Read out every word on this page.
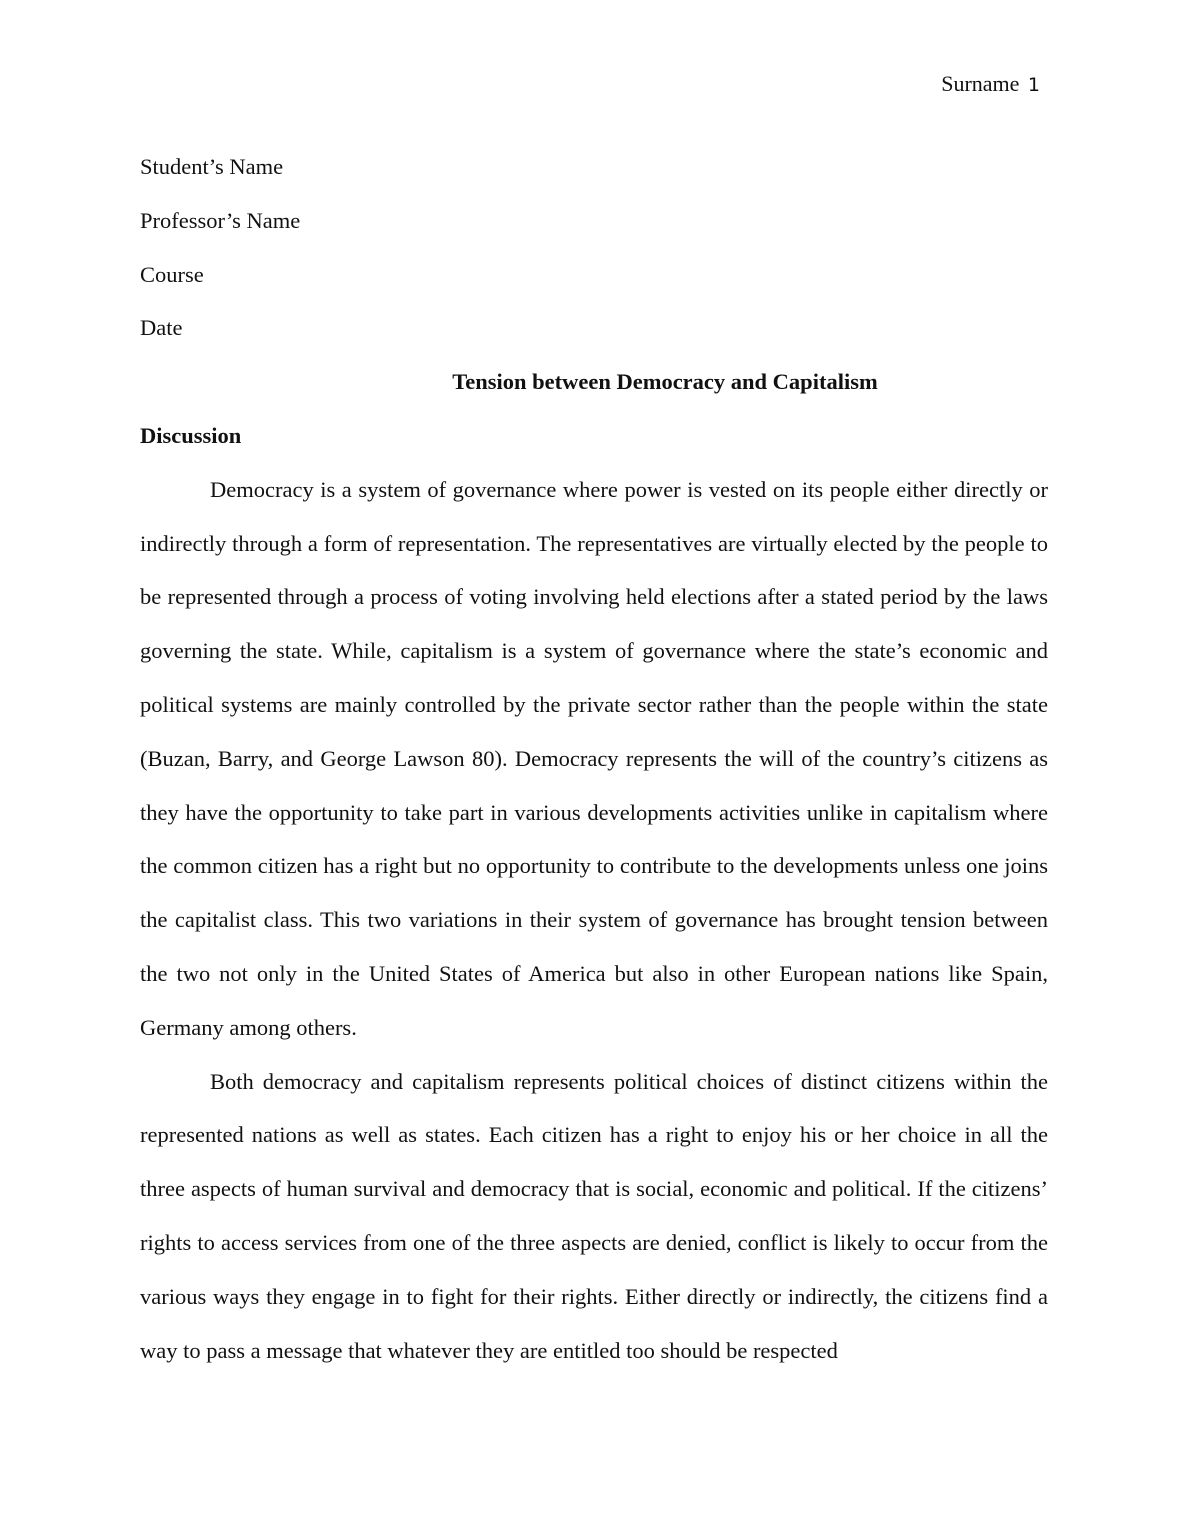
Surname 1

Student’s Name

Professor’s Name

Course

Date

Tension between Democracy and Capitalism

Discussion

Democracy is a system of governance where power is vested on its people either directly or indirectly through a form of representation. The representatives are virtually elected by the people to be represented through a process of voting involving held elections after a stated period by the laws governing the state. While, capitalism is a system of governance where the state’s economic and political systems are mainly controlled by the private sector rather than the people within the state (Buzan, Barry, and George Lawson 80). Democracy represents the will of the country’s citizens as they have the opportunity to take part in various developments activities unlike in capitalism where the common citizen has a right but no opportunity to contribute to the developments unless one joins the capitalist class. This two variations in their system of governance has brought tension between the two not only in the United States of America but also in other European nations like Spain, Germany among others.

Both democracy and capitalism represents political choices of distinct citizens within the represented nations as well as states. Each citizen has a right to enjoy his or her choice in all the three aspects of human survival and democracy that is social, economic and political. If the citizens’ rights to access services from one of the three aspects are denied, conflict is likely to occur from the various ways they engage in to fight for their rights. Either directly or indirectly, the citizens find a way to pass a message that whatever they are entitled too should be respected
